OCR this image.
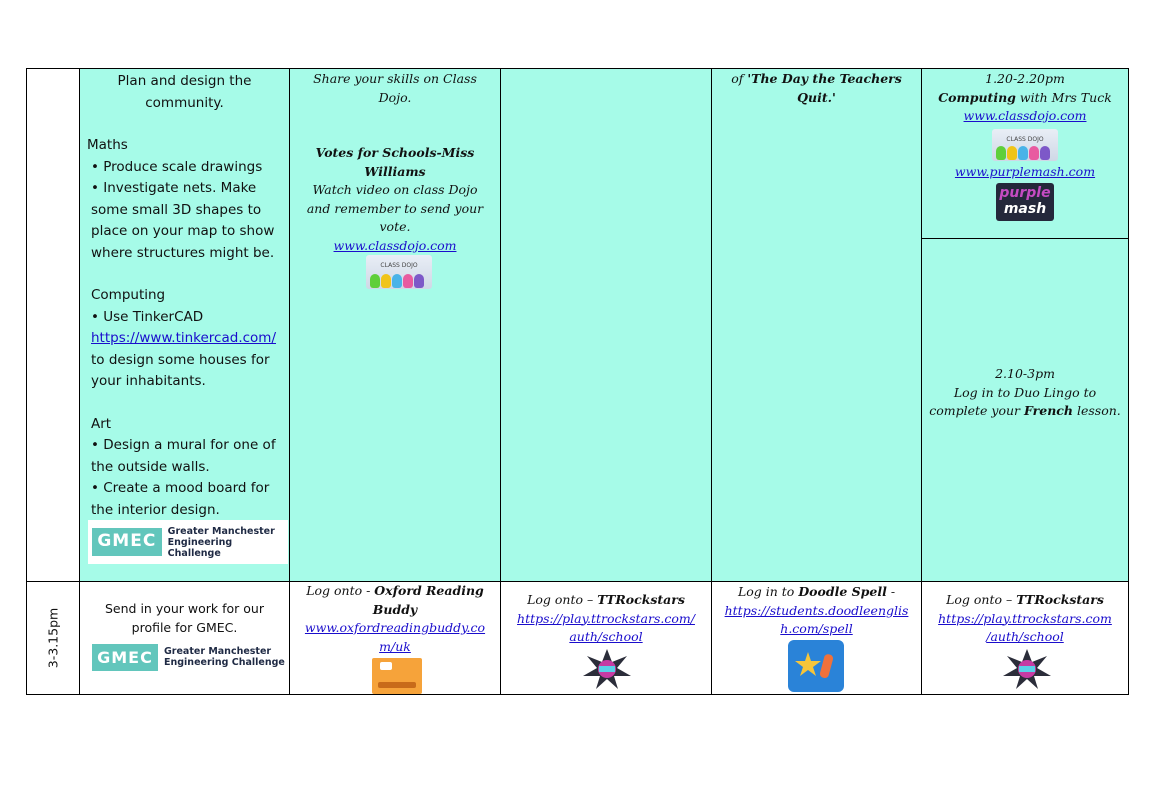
Plan and design the

community.

Maths

• Produce scale drawings

• Investigate nets. Make

some small 3D shapes to

place on your map to show

where structures might be.

Computing

• Use TinkerCAD

https://www.tinkercad.com/

to design some houses for

your inhabitants.

Art

• Design a mural for one of

the outside walls.

• Create a mood board for

the interior design.

GMEC
Greater Manchester
Engineering Challenge

Share your skills on Class

Dojo.

Votes for Schools-Miss

Williams

Watch video on class Dojo

and remember to send your

vote.

www.classdojo.com

CLASS DOJO

of 'The Day the Teachers

Quit.'

1.20-2.20pm

Computing with Mrs Tuck

www.classdojo.com

CLASS DOJO

www.purplemash.com

purple
mash

2.10-3pm

Log in to Duo Lingo to

complete your French lesson.

3-3.15pm	Send in your work for our

profile for GMEC.

GMEC	Greater Manchester
Engineering Challenge

Log onto - Oxford Reading

Buddy

www.oxfordreadingbuddy.co

m/uk

Log onto – TTRockstars

https://play.ttrockstars.com/

auth/school

Log in to Doodle Spell -

https://students.doodleenglis

h.com/spell

Log onto – TTRockstars

https://play.ttrockstars.com

/auth/school
